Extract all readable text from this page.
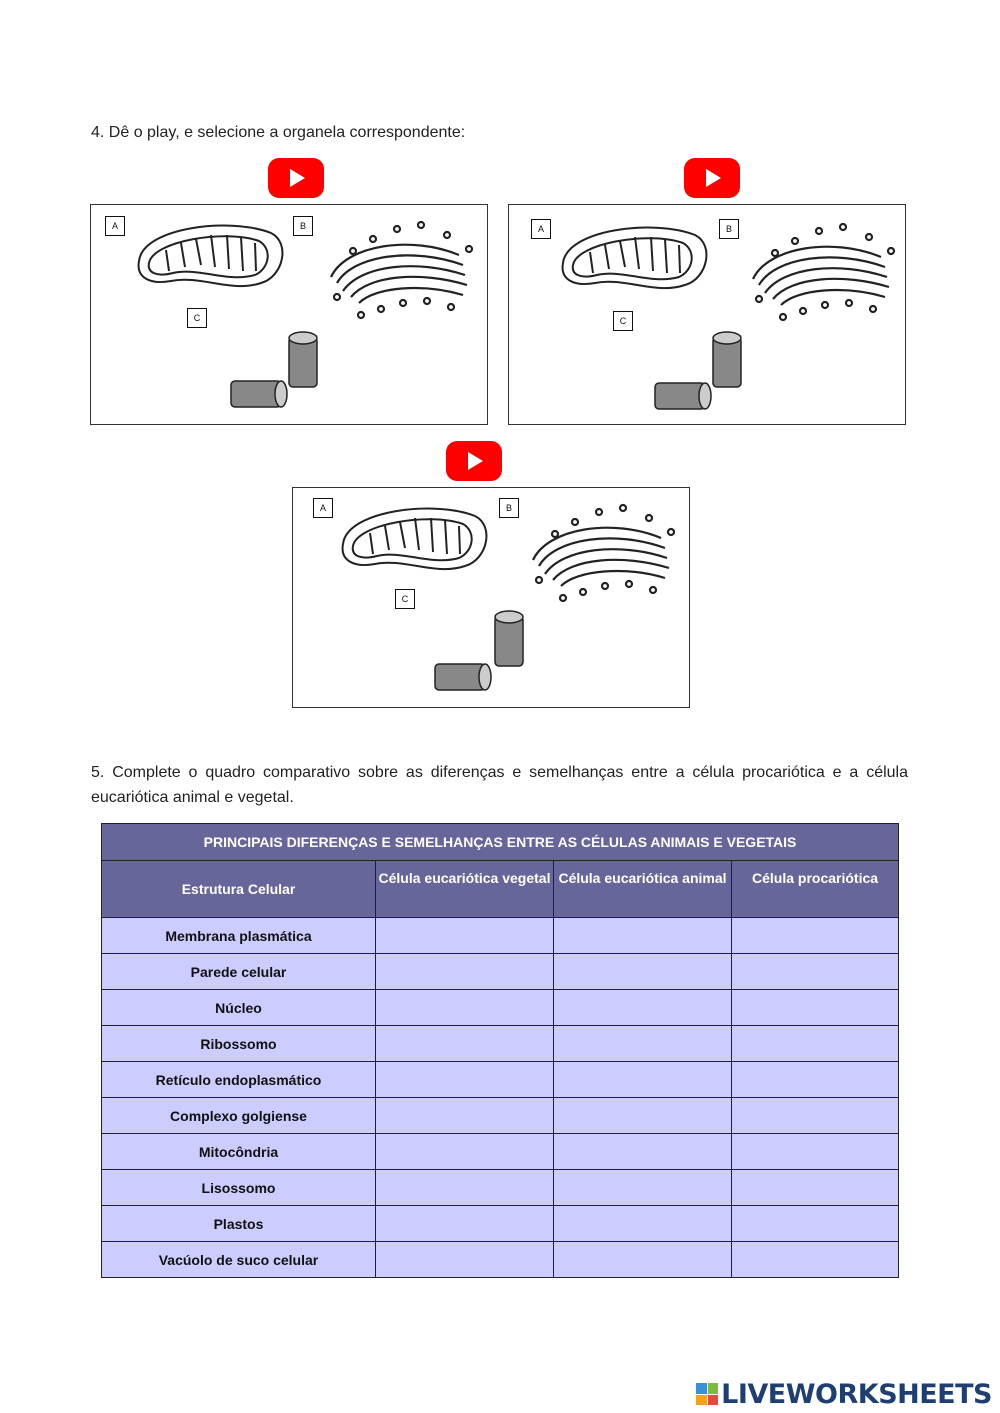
4. Dê o play, e selecione a organela correspondente:
A	B
C
A	B
C
A	B
C
5. Complete o quadro comparativo sobre as diferenças e semelhanças entre a célula procariótica e a célula eucariótica animal e vegetal.
PRINCIPAIS DIFERENÇAS E SEMELHANÇAS ENTRE AS CÉLULAS ANIMAIS E VEGETAIS			
Estrutura Celular	Célula eucariótica vegetal	Célula eucariótica animal	Célula procariótica
Membrana plasmática			
Parede celular			
Núcleo			
Ribossomo			
Retículo endoplasmático			
Complexo golgiense			
Mitocôndria			
Lisossomo			
Plastos			
Vacúolo de suco celular			
LIVEWORKSHEETS
